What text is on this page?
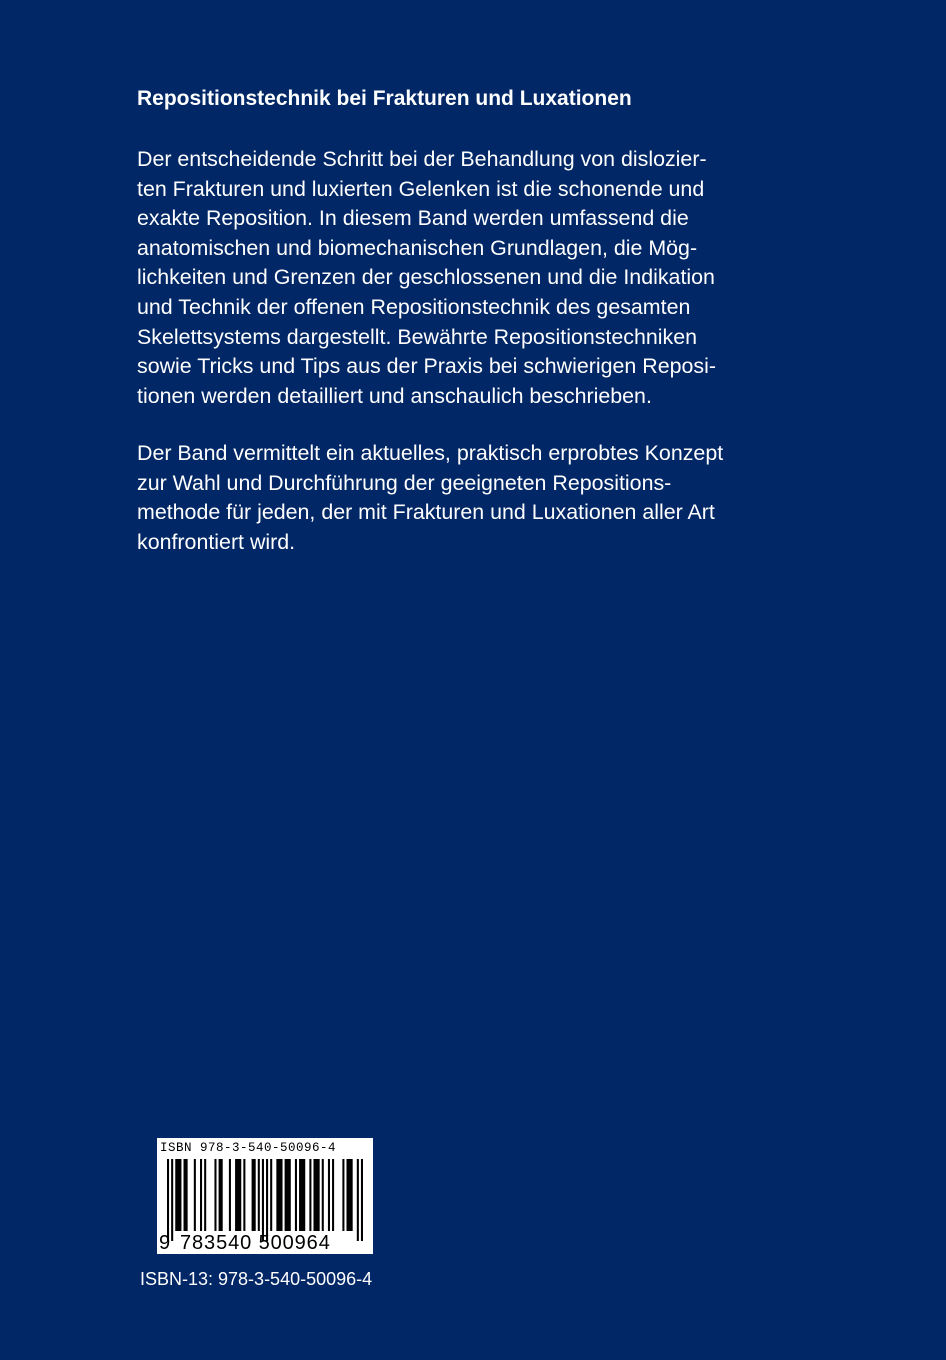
Repositionstechnik bei Frakturen und Luxationen

Der entscheidende Schritt bei der Behandlung von dislozier-
ten Frakturen und luxierten Gelenken ist die schonende und
exakte Reposition. In diesem Band werden umfassend die
anatomischen und biomechanischen Grundlagen, die Mög-
lichkeiten und Grenzen der geschlossenen und die Indikation
und Technik der offenen Repositionstechnik des gesamten
Skelettsystems dargestellt. Bewährte Repositionstechniken
sowie Tricks und Tips aus der Praxis bei schwierigen Reposi-
tionen werden detailliert und anschaulich beschrieben.

Der Band vermittelt ein aktuelles, praktisch erprobtes Konzept
zur Wahl und Durchführung der geeigneten Repositions-
methode für jeden, der mit Frakturen und Luxationen aller Art
konfrontiert wird.

ISBN 978-3-540-50096-4
9 783540 500964
ISBN-13: 978-3-540-50096-4
